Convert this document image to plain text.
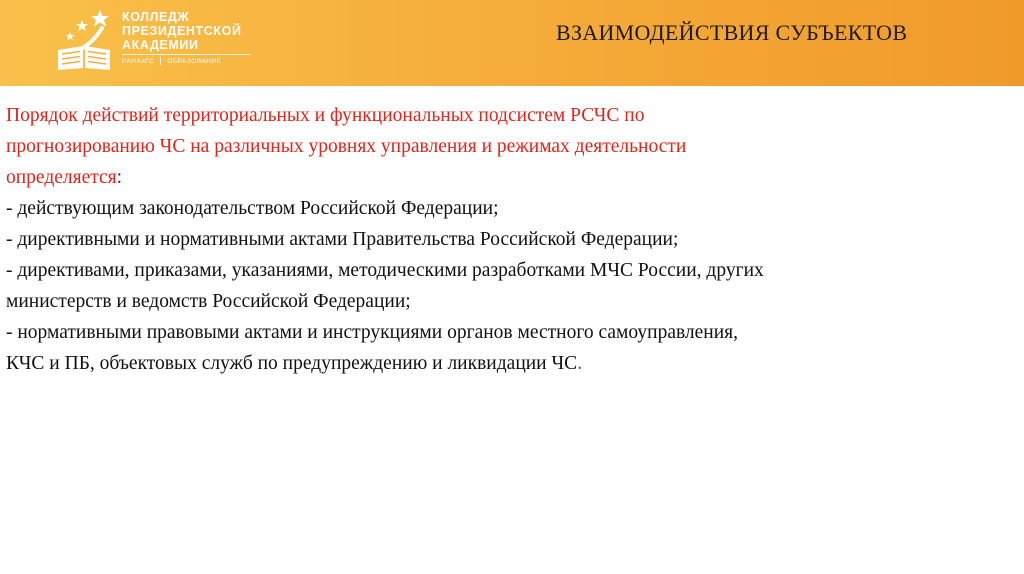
КОЛЛЕДЖ
ПРЕЗИДЕНТСКОЙ
АКАДЕМИИ
РАНХиГС ОБРАЗОВАНИЕ
ВЗАИМОДЕЙСТВИЯ СУБЪЕКТОВ

Порядок действий территориальных и функциональных подсистем РСЧС по
прогнозированию ЧС на различных уровнях управления и режимах деятельности
определяется:

- действующим законодательством Российской Федерации;

- директивными и нормативными актами Правительства Российской Федерации;

- директивами, приказами, указаниями, методическими разработками МЧС России, других

министерств и ведомств Российской Федерации;

- нормативными правовыми актами и инструкциями органов местного самоуправления,

КЧС и ПБ, объектовых служб по предупреждению и ликвидации ЧС.
